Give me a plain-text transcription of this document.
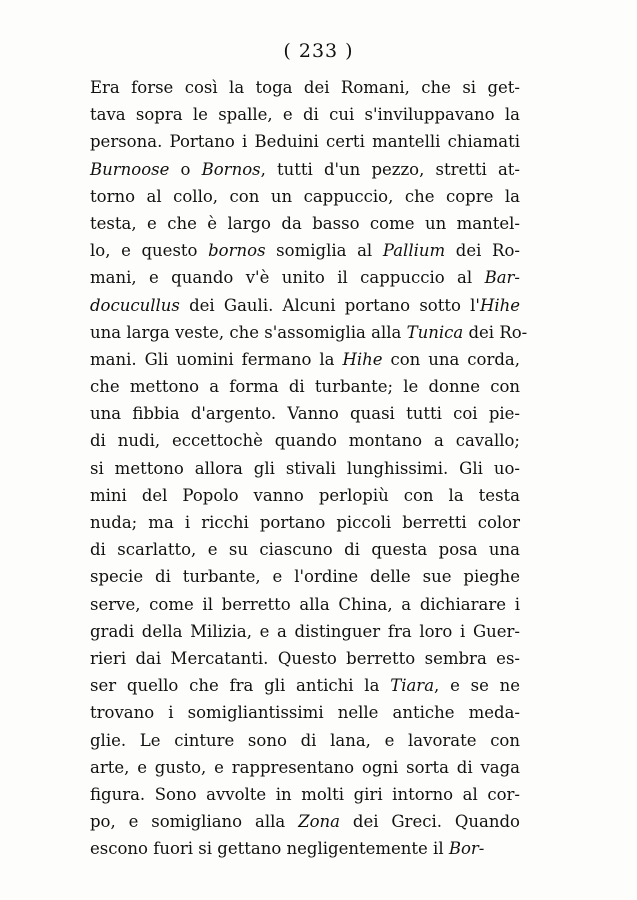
( 233 )
Era forse così la toga dei Romani, che si get-
tava sopra le spalle, e di cui s'inviluppavano la
persona. Portano i Beduini certi mantelli chiamati
Burnoose o Bornos, tutti d'un pezzo, stretti at-
torno al collo, con un cappuccio, che copre la
testa, e che è largo da basso come un mantel-
lo, e questo bornos somiglia al Pallium dei Ro-
mani, e quando v'è unito il cappuccio al Bar-
docucullus dei Gauli. Alcuni portano sotto l'Hihe
una larga veste, che s'assomiglia alla Tunica dei Ro-
mani. Gli uomini fermano la Hihe con una corda,
che mettono a forma di turbante; le donne con
una fibbia d'argento. Vanno quasi tutti coi pie-
di nudi, eccettochè quando montano a cavallo;
si mettono allora gli stivali lunghissimi. Gli uo-
mini del Popolo vanno perlopiù con la testa
nuda; ma i ricchi portano piccoli berretti color
di scarlatto, e su ciascuno di questa posa una
specie di turbante, e l'ordine delle sue pieghe
serve, come il berretto alla China, a dichiarare i
gradi della Milizia, e a distinguer fra loro i Guer-
rieri dai Mercatanti. Questo berretto sembra es-
ser quello che fra gli antichi la Tiara, e se ne
trovano i somigliantissimi nelle antiche meda-
glie. Le cinture sono di lana, e lavorate con
arte, e gusto, e rappresentano ogni sorta di vaga
figura. Sono avvolte in molti giri intorno al cor-
po, e somigliano alla Zona dei Greci. Quando
escono fuori si gettano negligentemente il Bor-
